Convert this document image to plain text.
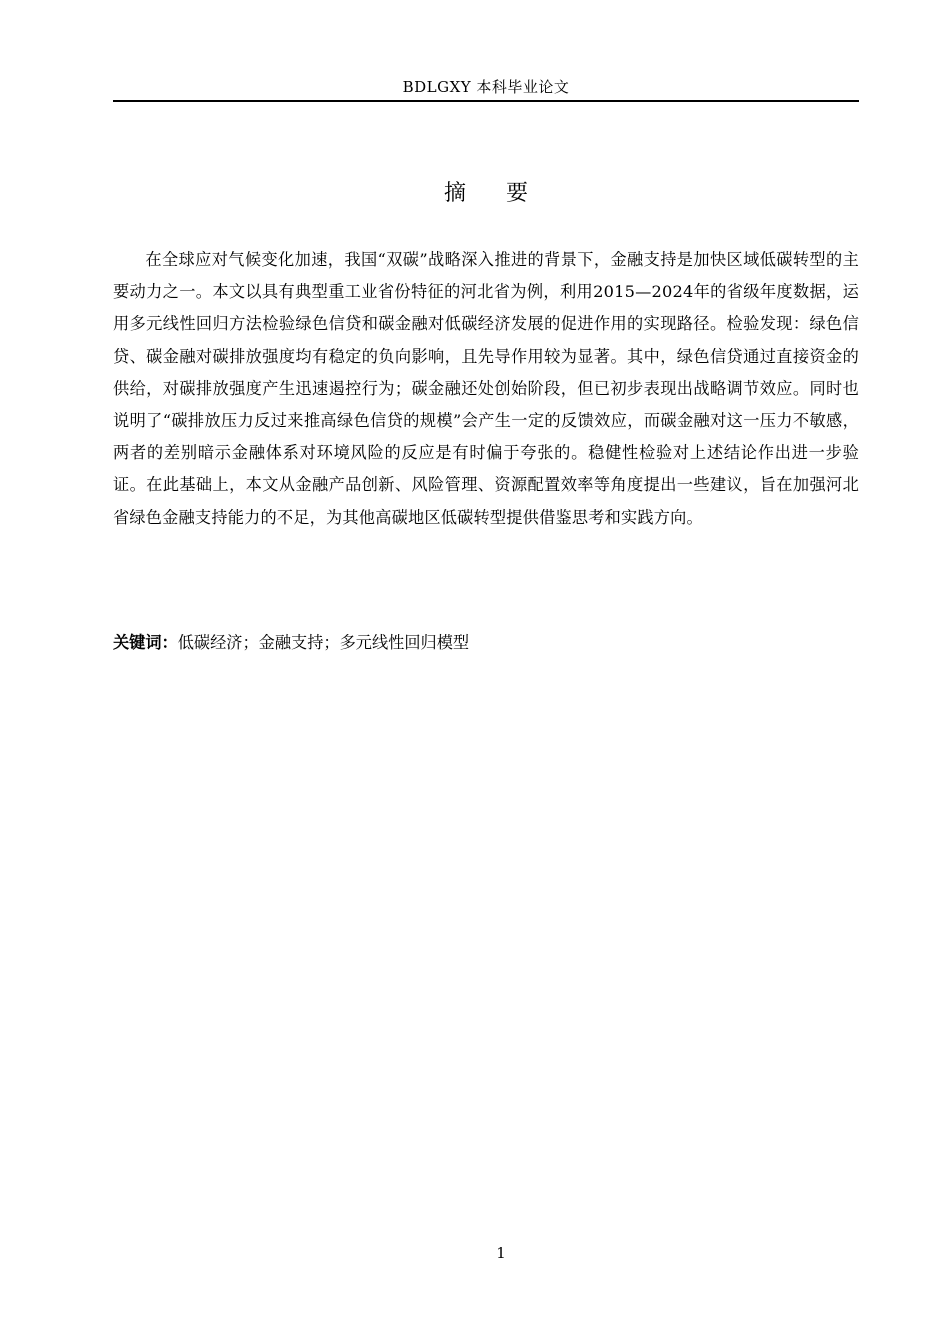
BDLGXY 本科毕业论文
摘 要

在全球应对气候变化加速，我国“双碳”战略深入推进的背景下，金融支持是加快区域低碳转型的主要动力之一。本文以具有典型重工业省份特征的河北省为例，利用2015—2024年的省级年度数据，运用多元线性回归方法检验绿色信贷和碳金融对低碳经济发展的促进作用的实现路径。检验发现：绿色信贷、碳金融对碳排放强度均有稳定的负向影响，且先导作用较为显著。其中，绿色信贷通过直接资金的供给，对碳排放强度产生迅速遏控行为；碳金融还处创始阶段，但已初步表现出战略调节效应。同时也说明了“碳排放压力反过来推高绿色信贷的规模”会产生一定的反馈效应，而碳金融对这一压力不敏感，两者的差别暗示金融体系对环境风险的反应是有时偏于夸张的。稳健性检验对上述结论作出进一步验证。在此基础上，本文从金融产品创新、风险管理、资源配置效率等角度提出一些建议，旨在加强河北省绿色金融支持能力的不足，为其他高碳地区低碳转型提供借鉴思考和实践方向。

关键词：低碳经济；金融支持；多元线性回归模型
1
